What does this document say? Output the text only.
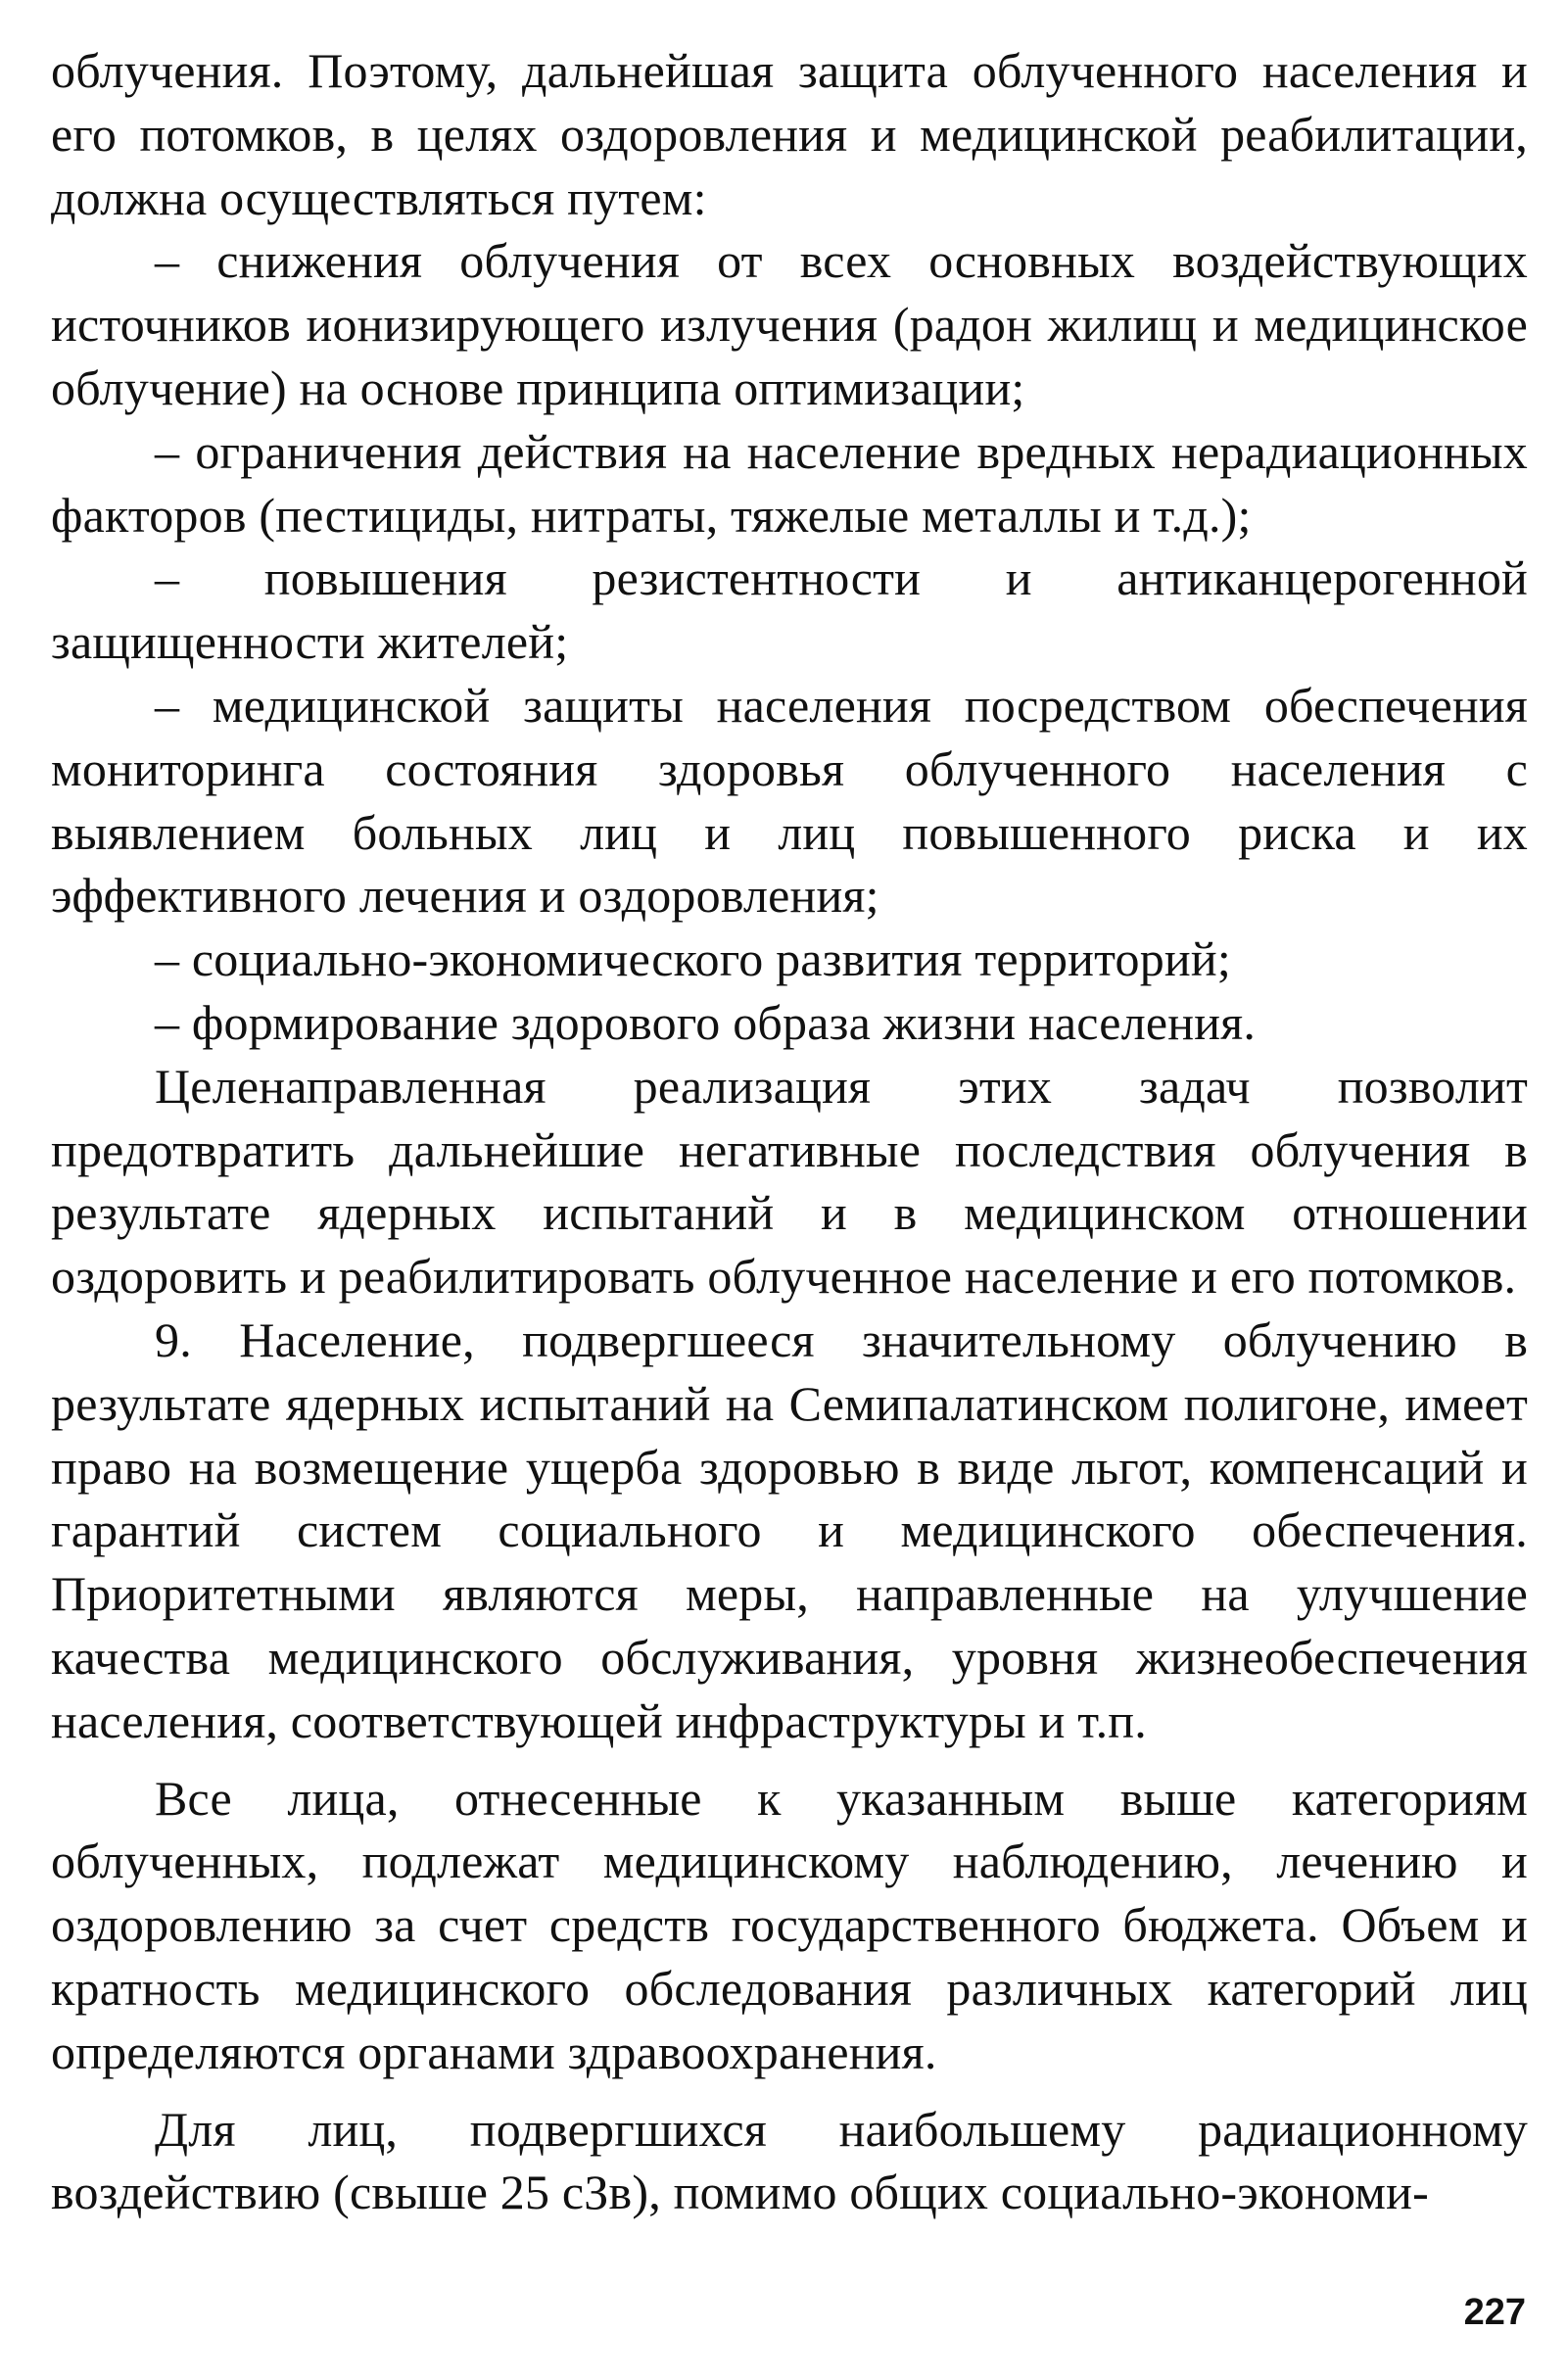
облучения. Поэтому, дальнейшая защита облученного населения и его потомков, в целях оздоровления и медицинской реабилитации, должна осуществляться путем:

– снижения облучения от всех основных воздействующих источников ионизирующего излучения (радон жилищ и медицинское облучение) на основе принципа оптимизации;

– ограничения действия на население вредных нерадиационных факторов (пестициды, нитраты, тяжелые металлы и т.д.);

– повышения резистентности и антиканцерогенной защищенности жителей;

– медицинской защиты населения посредством обеспечения мониторинга состояния здоровья облученного населения с выявлением больных лиц и лиц повышенного риска и их эффективного лечения и оздоровления;

– социально-экономического развития территорий;

– формирование здорового образа жизни населения.

Целенаправленная реализация этих задач позволит предотвратить дальнейшие негативные последствия облучения в результате ядерных испытаний и в медицинском отношении оздоровить и реабилитировать облученное население и его потомков.

9. Население, подвергшееся значительному облучению в результате ядерных испытаний на Семипалатинском полигоне, имеет право на возмещение ущерба здоровью в виде льгот, компенсаций и гарантий систем социального и медицинского обеспечения. Приоритетными являются меры, направленные на улучшение качества медицинского обслуживания, уровня жизнеобеспечения населения, соответствующей инфраструктуры и т.п.

Все лица, отнесенные к указанным выше категориям облученных, подлежат медицинскому наблюдению, лечению и оздоровлению за счет средств государственного бюджета. Объем и кратность медицинского обследования различных категорий лиц определяются органами здравоохранения.

Для лиц, подвергшихся наибольшему радиационному воздействию (свыше 25 сЗв), помимо общих социально-экономи-

227
